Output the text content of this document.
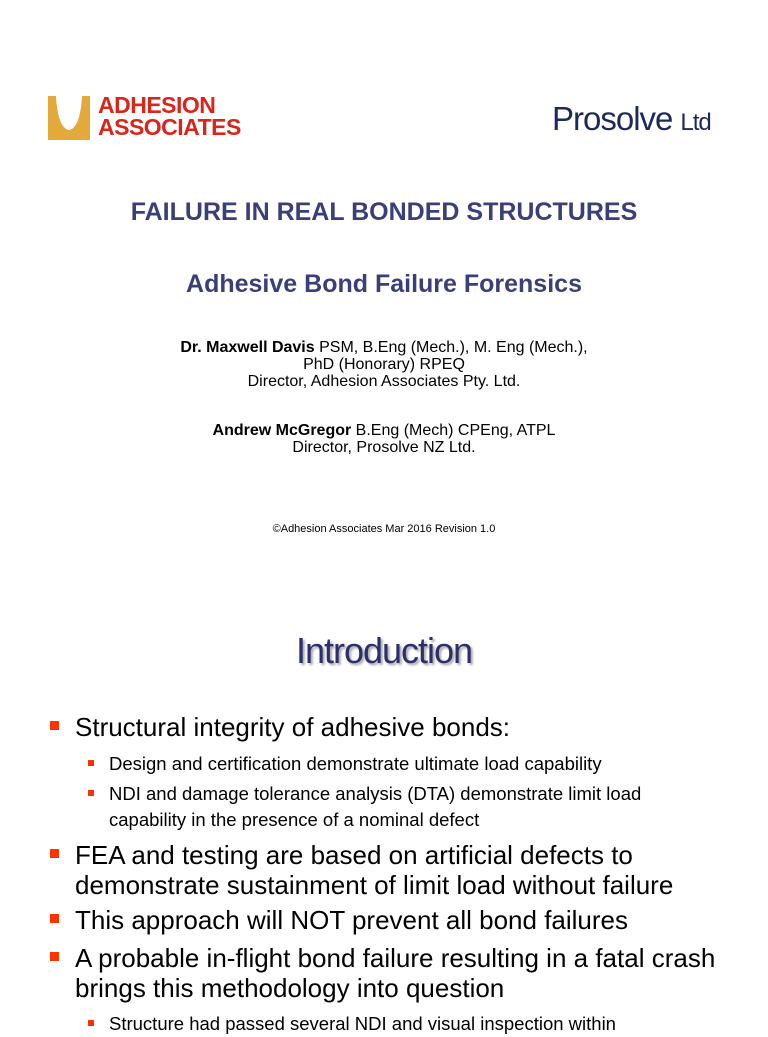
ADHESION
ASSOCIATES	Prosolve Ltd
FAILURE IN REAL BONDED STRUCTURES
Adhesive Bond Failure Forensics
Dr. Maxwell Davis PSM, B.Eng (Mech.), M. Eng (Mech.),
PhD (Honorary) RPEQ
Director, Adhesion Associates Pty. Ltd.
Andrew McGregor B.Eng (Mech) CPEng, ATPL
Director, Prosolve NZ Ltd.
©Adhesion Associates Mar 2016 Revision 1.0
Introduction
Structural integrity of adhesive bonds:
Design and certification demonstrate ultimate load capability
NDI and damage tolerance analysis (DTA) demonstrate limit load capability in the presence of a nominal defect
FEA and testing are based on artificial defects to demonstrate sustainment of limit load without failure
This approach will NOT prevent all bond failures
A probable in-flight bond failure resulting in a fatal crash brings this methodology into question
Structure had passed several NDI and visual inspection within
